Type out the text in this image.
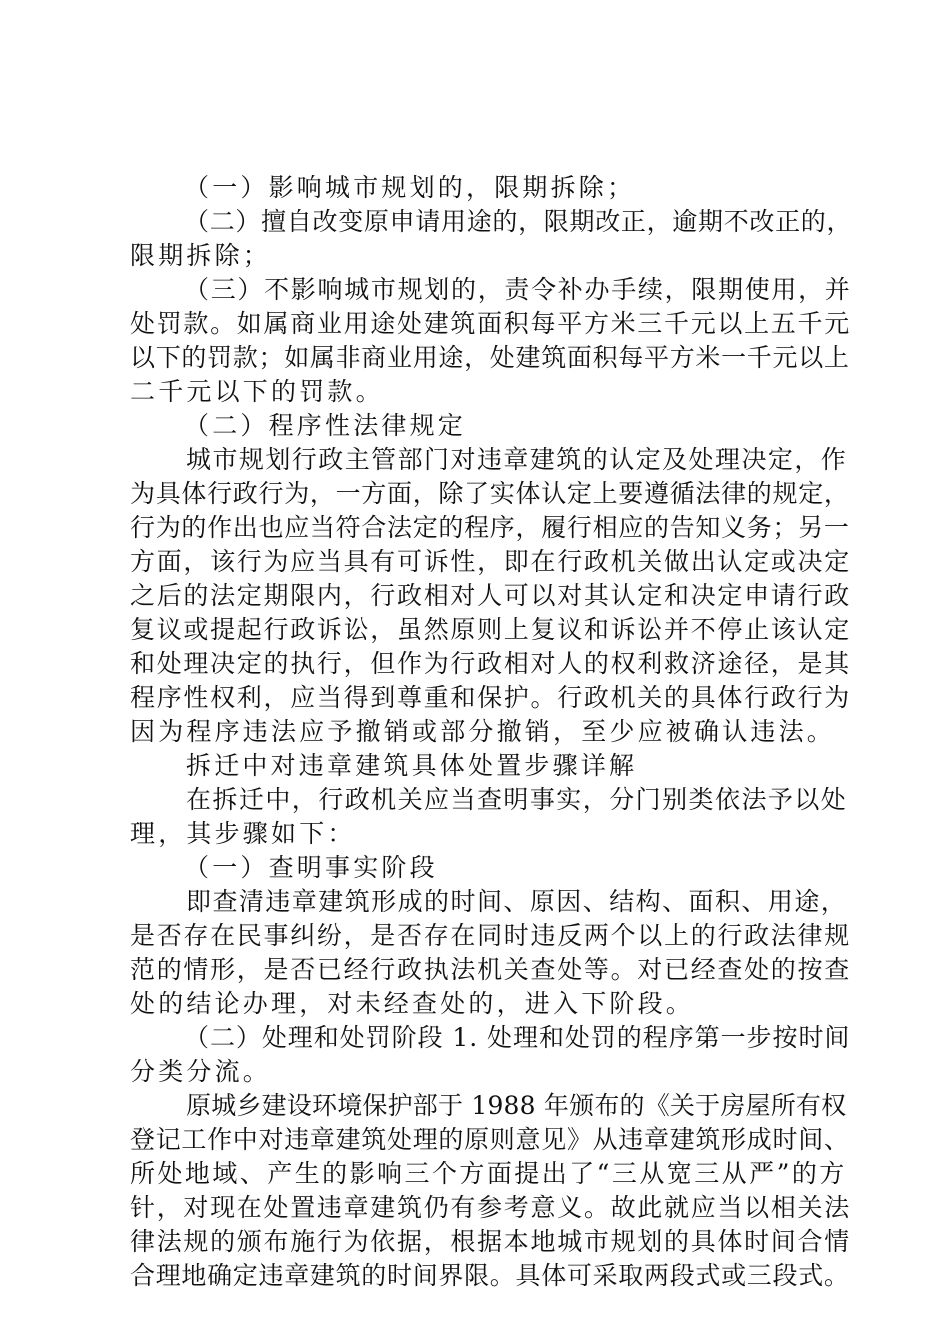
（一）影响城市规划的，限期拆除；
（二）擅自改变原申请用途的，限期改正，逾期不改正的，
限期拆除；
（三）不影响城市规划的，责令补办手续，限期使用，并
处罚款。如属商业用途处建筑面积每平方米三千元以上五千元
以下的罚款；如属非商业用途，处建筑面积每平方米一千元以上
二千元以下的罚款。
（二）程序性法律规定
城市规划行政主管部门对违章建筑的认定及处理决定，作
为具体行政行为，一方面，除了实体认定上要遵循法律的规定，
行为的作出也应当符合法定的程序，履行相应的告知义务；另一
方面，该行为应当具有可诉性，即在行政机关做出认定或决定
之后的法定期限内，行政相对人可以对其认定和决定申请行政
复议或提起行政诉讼，虽然原则上复议和诉讼并不停止该认定
和处理决定的执行，但作为行政相对人的权利救济途径，是其
程序性权利，应当得到尊重和保护。行政机关的具体行政行为
因为程序违法应予撤销或部分撤销，至少应被确认违法。
拆迁中对违章建筑具体处置步骤详解
在拆迁中，行政机关应当查明事实，分门别类依法予以处
理，其步骤如下：
（一）查明事实阶段
即查清违章建筑形成的时间、原因、结构、面积、用途，
是否存在民事纠纷，是否存在同时违反两个以上的行政法律规
范的情形，是否已经行政执法机关查处等。对已经查处的按查
处的结论办理，对未经查处的，进入下阶段。
（二）处理和处罚阶段 1. 处理和处罚的程序第一步按时间
分类分流。
原城乡建设环境保护部于 1988 年颁布的《关于房屋所有权
登记工作中对违章建筑处理的原则意见》从违章建筑形成时间、
所处地域、产生的影响三个方面提出了“三从宽三从严”的方
针，对现在处置违章建筑仍有参考意义。故此就应当以相关法
律法规的颁布施行为依据，根据本地城市规划的具体时间合情
合理地确定违章建筑的时间界限。具体可采取两段式或三段式。
